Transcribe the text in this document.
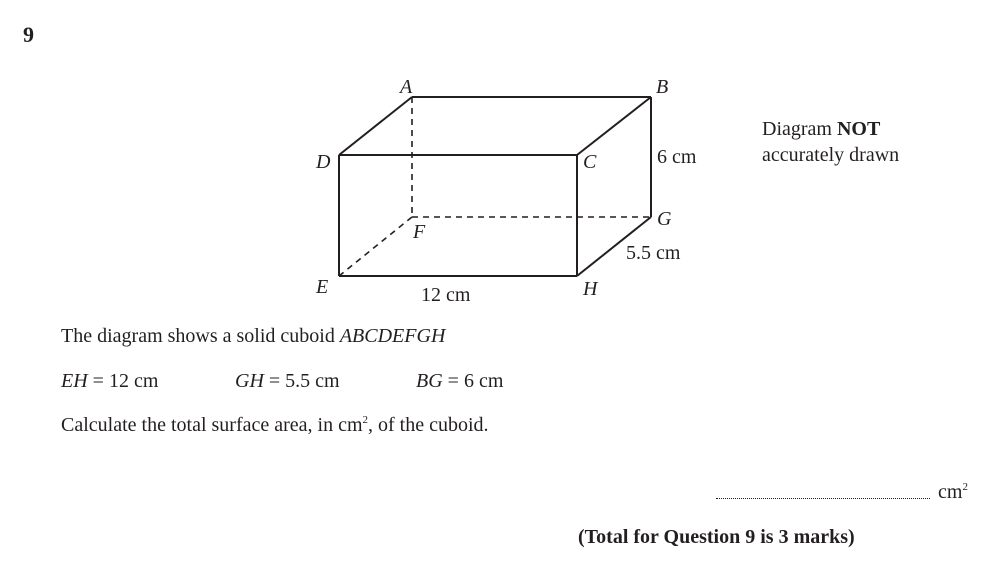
9
A	B
C
D
E
F
G
H
6 cm
5.5 cm
12 cm
Diagram NOT
accurately drawn
The diagram shows a solid cuboid ABCDEFGH
EH = 12 cm	GH = 5.5 cm	BG = 6 cm
Calculate the total surface area, in $cm^2$, of the cuboid.
$cm^2$
(Total for Question 9 is 3 marks)
